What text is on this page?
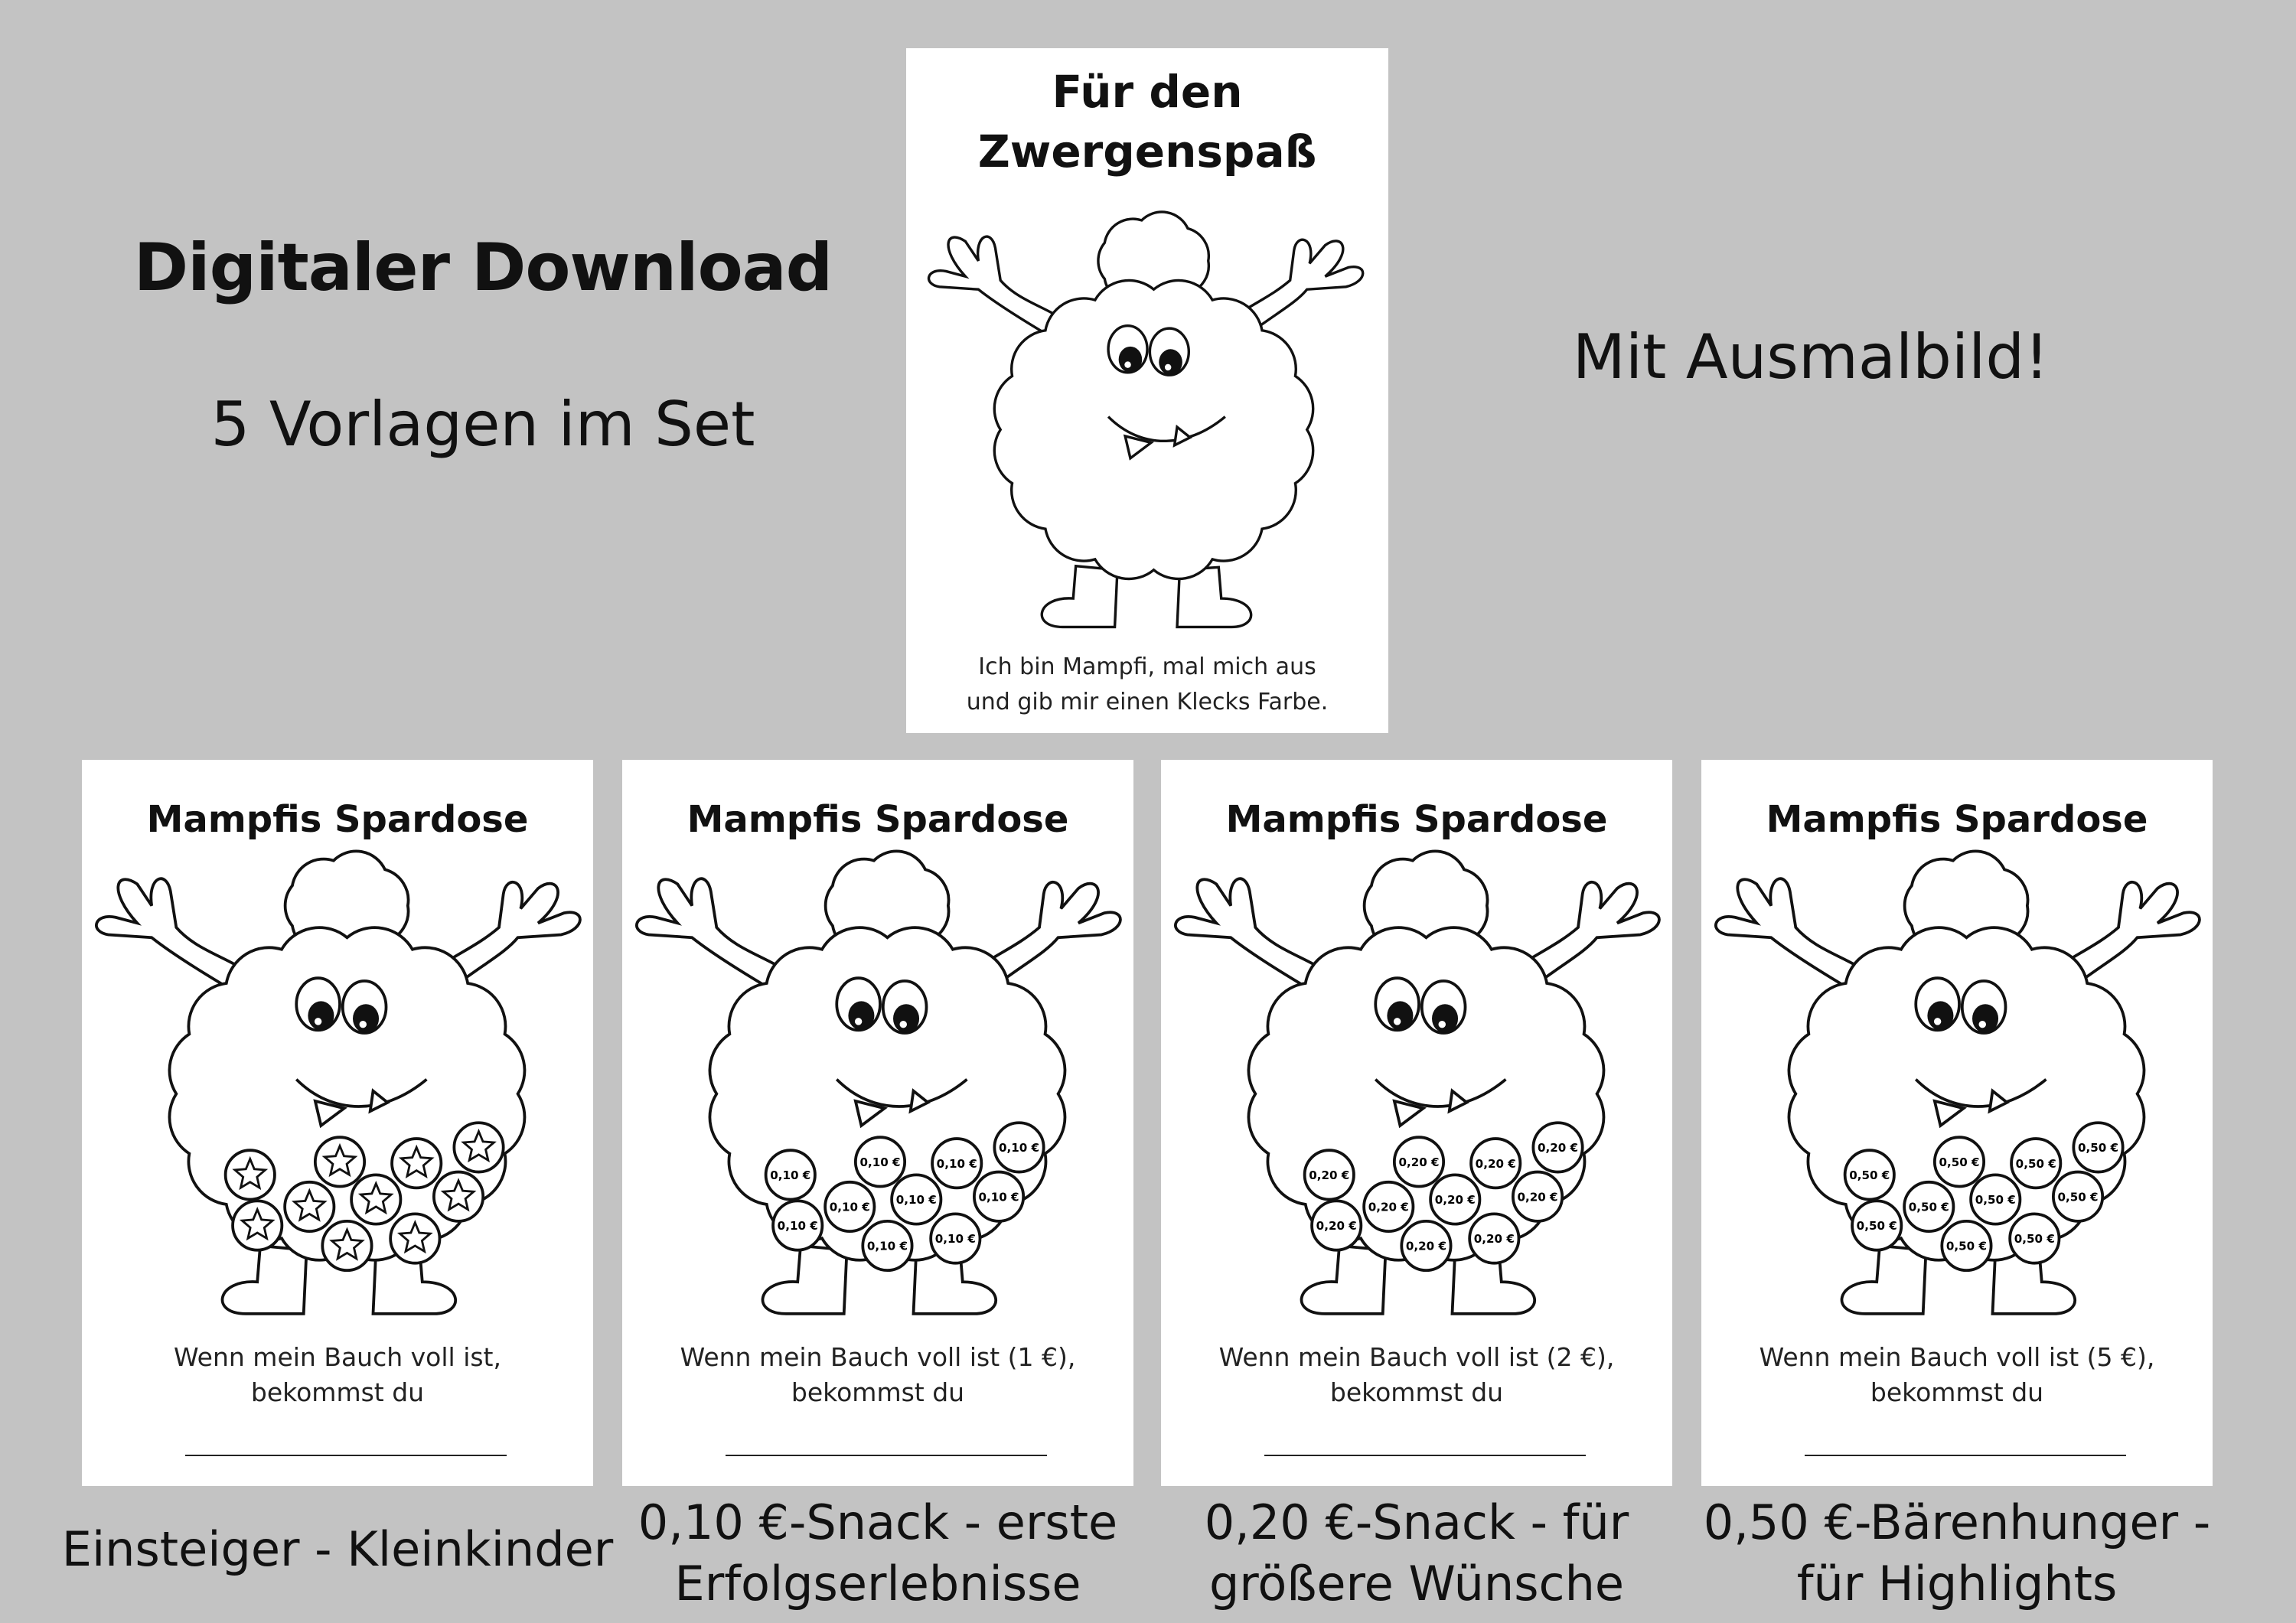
Digitaler Download
5 Vorlagen im Set
Mit Ausmalbild!
Für den
Zwergenspaß
Ich bin Mampfi, mal mich aus
und gib mir einen Klecks Farbe.
Mampfis Spardose
Wenn mein Bauch voll ist,
bekommst du
Mampfis Spardose
0,10 €
0,10 €
0,10 €
0,10 €
0,10 €
0,10 €
0,10 €
0,10 €
0,10 €
0,10 €
Wenn mein Bauch voll ist (1 €),
bekommst du
Mampfis Spardose
0,20 €
0,20 €
0,20 €
0,20 €
0,20 €
0,20 €
0,20 €
0,20 €
0,20 €
0,20 €
Wenn mein Bauch voll ist (2 €),
bekommst du
Mampfis Spardose
0,50 €
0,50 €
0,50 €
0,50 €
0,50 €
0,50 €
0,50 €
0,50 €
0,50 €
0,50 €
Wenn mein Bauch voll ist (5 €),
bekommst du
Einsteiger - Kleinkinder 0,10 €-Snack - erste
Erfolgserlebnisse
0,20 €-Snack - für
größere Wünsche
0,50 €-Bärenhunger -
für Highlights
